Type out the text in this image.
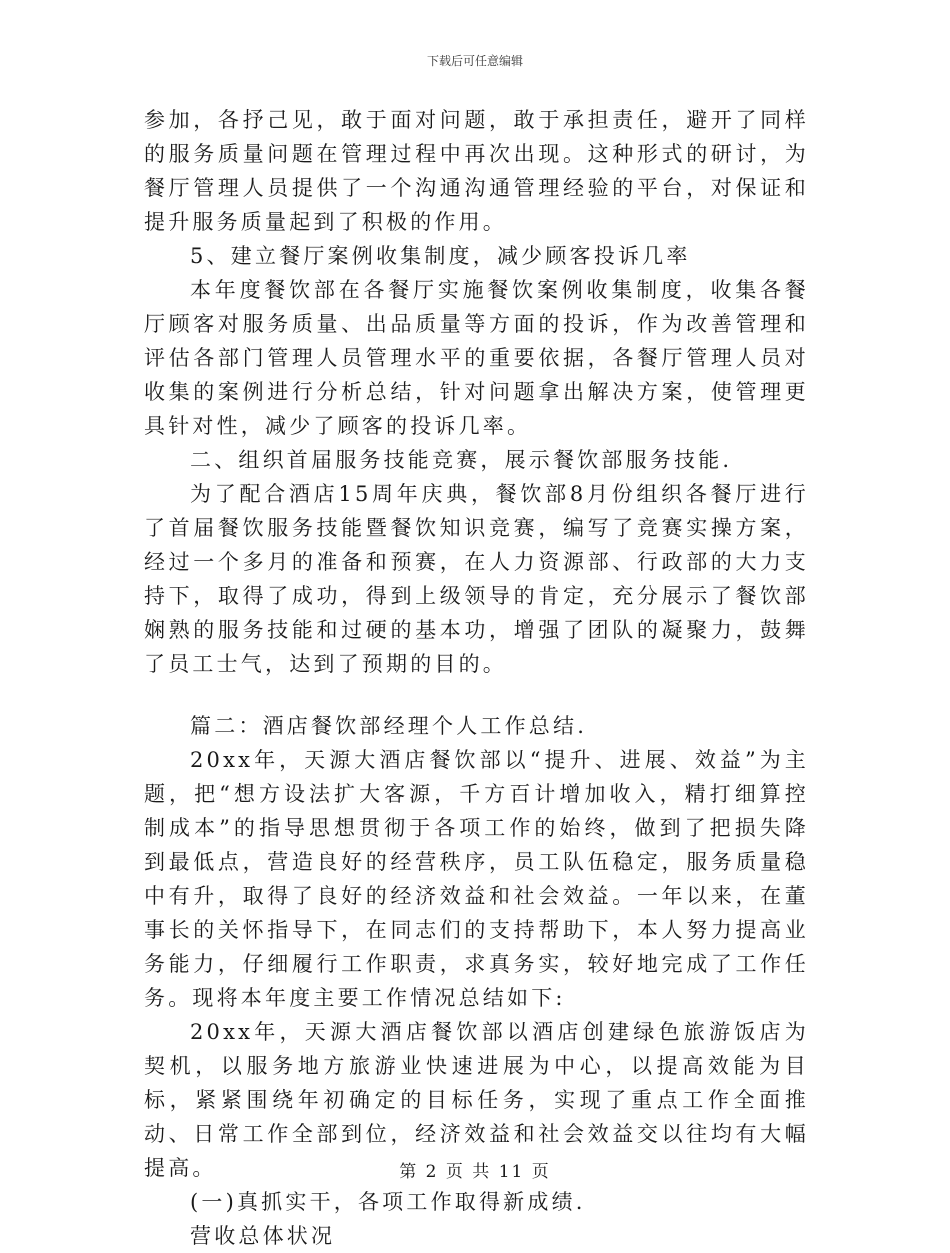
下载后可任意编辑

参加，各抒己见，敢于面对问题，敢于承担责任，避开了同样的服务质量问题在管理过程中再次出现。这种形式的研讨，为餐厅管理人员提供了一个沟通沟通管理经验的平台，对保证和提升服务质量起到了积极的作用。

5、建立餐厅案例收集制度，减少顾客投诉几率

本年度餐饮部在各餐厅实施餐饮案例收集制度，收集各餐厅顾客对服务质量、出品质量等方面的投诉，作为改善管理和评估各部门管理人员管理水平的重要依据，各餐厅管理人员对收集的案例进行分析总结，针对问题拿出解决方案，使管理更具针对性，减少了顾客的投诉几率。

二、组织首届服务技能竞赛，展示餐饮部服务技能.

为了配合酒店15周年庆典，餐饮部8月份组织各餐厅进行了首届餐饮服务技能暨餐饮知识竞赛，编写了竞赛实操方案，经过一个多月的准备和预赛，在人力资源部、行政部的大力支持下，取得了成功，得到上级领导的肯定，充分展示了餐饮部娴熟的服务技能和过硬的基本功，增强了团队的凝聚力，鼓舞了员工士气，达到了预期的目的。

篇二：酒店餐饮部经理个人工作总结.

20xx年，天源大酒店餐饮部以“提升、进展、效益”为主题，把“想方设法扩大客源，千方百计增加收入，精打细算控制成本”的指导思想贯彻于各项工作的始终，做到了把损失降到最低点，营造良好的经营秩序，员工队伍稳定，服务质量稳中有升，取得了良好的经济效益和社会效益。一年以来，在董事长的关怀指导下，在同志们的支持帮助下，本人努力提高业务能力，仔细履行工作职责，求真务实，较好地完成了工作任务。现将本年度主要工作情况总结如下:

20xx年，天源大酒店餐饮部以酒店创建绿色旅游饭店为契机，以服务地方旅游业快速进展为中心，以提高效能为目标，紧紧围绕年初确定的目标任务，实现了重点工作全面推动、日常工作全部到位，经济效益和社会效益交以往均有大幅提高。

(一)真抓实干，各项工作取得新成绩.

营收总体状况

第 2 页 共 11 页
